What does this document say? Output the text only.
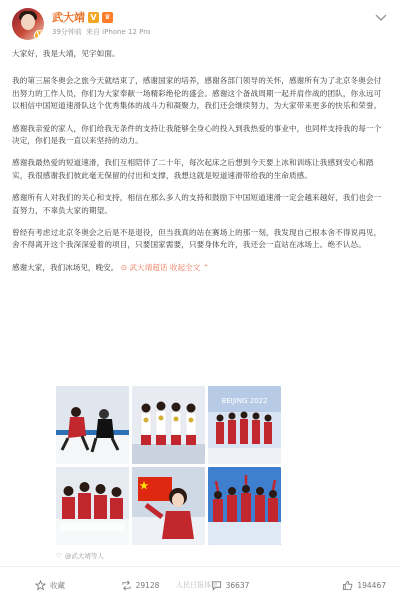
V
武大靖 V	♛
39分钟前 来自 iPhone 12 Pro

大家好，我是大靖，见字如面。

我的第三届冬奥会之旅今天就结束了，感谢国家的培养，感谢各部门领导的关怀，感谢所有为了北京冬奥会付出努力的工作人员，你们为大家奉献一场精彩绝伦的盛会。感谢这个备战周期一起并肩作战的团队，你永远可以相信中国短道速滑队这个优秀集体的战斗力和凝聚力，我们还会继续努力，为大家带来更多的快乐和荣誉。

感谢我亲爱的家人，你们给我无条件的支持让我能够全身心的投入到我热爱的事业中，也同样支持我的每一个决定，你们是我一直以来坚持的动力。

感谢我最热爱的短道速滑，我们互相陪伴了二十年，每次起床之后想到今天要上冰和训练让我感到安心和踏实，我很感谢我们彼此毫无保留的付出和支撑，我想这就是短道速滑带给我的生命质感。

感谢所有人对我们的关心和支持，相信在那么多人的支持和鼓励下中国短道速滑一定会越来越好，我们也会一直努力，不辜负大家的期望。

曾经有考虑过北京冬奥会之后是不是退役，但当我真的站在赛场上的那一刻，我发现自己根本舍不得说再见，舍不得离开这个我深深爱着的项目，只要国家需要，只要身体允许，我还会一直站在冰场上。绝不认怂。

感谢大家，我们冰场见，晚安。 ⊙ 武大靖超话 收起全文 ⌃

BEIJING 2022
♡ @武大靖等人
收藏	29128	36637	194467
人民日报体育
